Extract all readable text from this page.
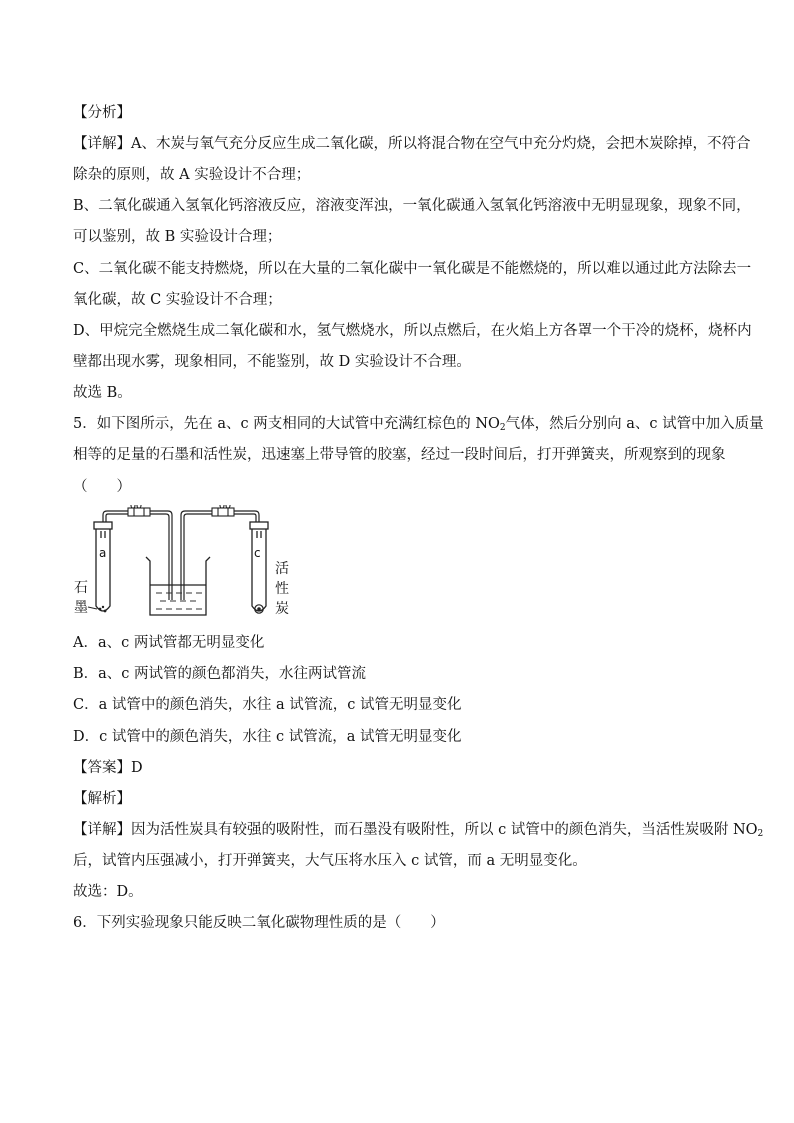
【分析】
【详解】A、木炭与氧气充分反应生成二氧化碳，所以将混合物在空气中充分灼烧，会把木炭除掉，不符合
除杂的原则，故 A 实验设计不合理；
B、二氧化碳通入氢氧化钙溶液反应，溶液变浑浊，一氧化碳通入氢氧化钙溶液中无明显现象，现象不同，
可以鉴别，故 B 实验设计合理；
C、二氧化碳不能支持燃烧，所以在大量的二氧化碳中一氧化碳是不能燃烧的，所以难以通过此方法除去一
氧化碳，故 C 实验设计不合理；
D、甲烷完全燃烧生成二氧化碳和水，氢气燃烧水，所以点燃后，在火焰上方各罩一个干冷的烧杯，烧杯内
壁都出现水雾，现象相同，不能鉴别，故 D 实验设计不合理。
故选 B。
5．如下图所示，先在 a、c 两支相同的大试管中充满红棕色的 $NO_2$气体，然后分别向 a、c 试管中加入质量
相等的足量的石墨和活性炭，迅速塞上带导管的胶塞，经过一段时间后，打开弹簧夹，所观察到的现象
（　　）
a	c
石
墨
活
性
炭
A．a、c 两试管都无明显变化
B．a、c 两试管的颜色都消失，水往两试管流
C．a 试管中的颜色消失，水往 a 试管流，c 试管无明显变化
D．c 试管中的颜色消失，水往 c 试管流，a 试管无明显变化
【答案】D
【解析】
【详解】因为活性炭具有较强的吸附性，而石墨没有吸附性，所以 c 试管中的颜色消失，当活性炭吸附 $NO_2$
后，试管内压强减小，打开弹簧夹，大气压将水压入 c 试管，而 a 无明显变化。
故选：D。
6．下列实验现象只能反映二氧化碳物理性质的是（　　）
